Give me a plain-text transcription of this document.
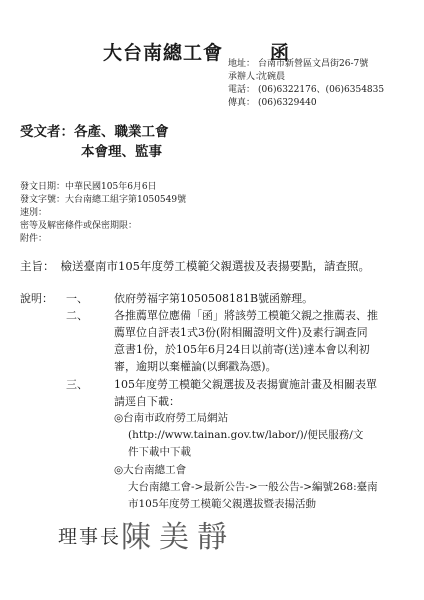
大台南總工會 函
地址： 台南市新營區文昌街26-7號
承辦人：沈碗晨
電話： (06)6322176、(06)6354835
傳真： (06)6329440
受文者：各產、職業工會
本會理、監事
發文日期：中華民國105年6月6日
發文字號：大台南總工組字第1050549號
速別：
密等及解密條件或保密期限：
附件：
主旨： 檢送臺南市105年度勞工模範父親選拔及表揚要點，請查照。
說明： 一、 依府勞福字第1050508181B號函辦理。
二、 各推薦單位應備「函」將該勞工模範父親之推薦表、推
薦單位自評表1式3份(附相關證明文件)及素行調查同
意書1份，於105年6月24日以前寄(送)達本會以利初
審，逾期以棄權論(以郵戳為憑)。
三、 105年度勞工模範父親選拔及表揚實施計畫及相關表單
請逕自下載：
◎台南市政府勞工局網站
(http://www.tainan.gov.tw/labor/)/便民服務/文
件下載中下載
◎大台南總工會
大台南總工會->最新公告->一般公告->編號268:臺南
市105年度勞工模範父親選拔暨表揚活動
理事長陳美靜
